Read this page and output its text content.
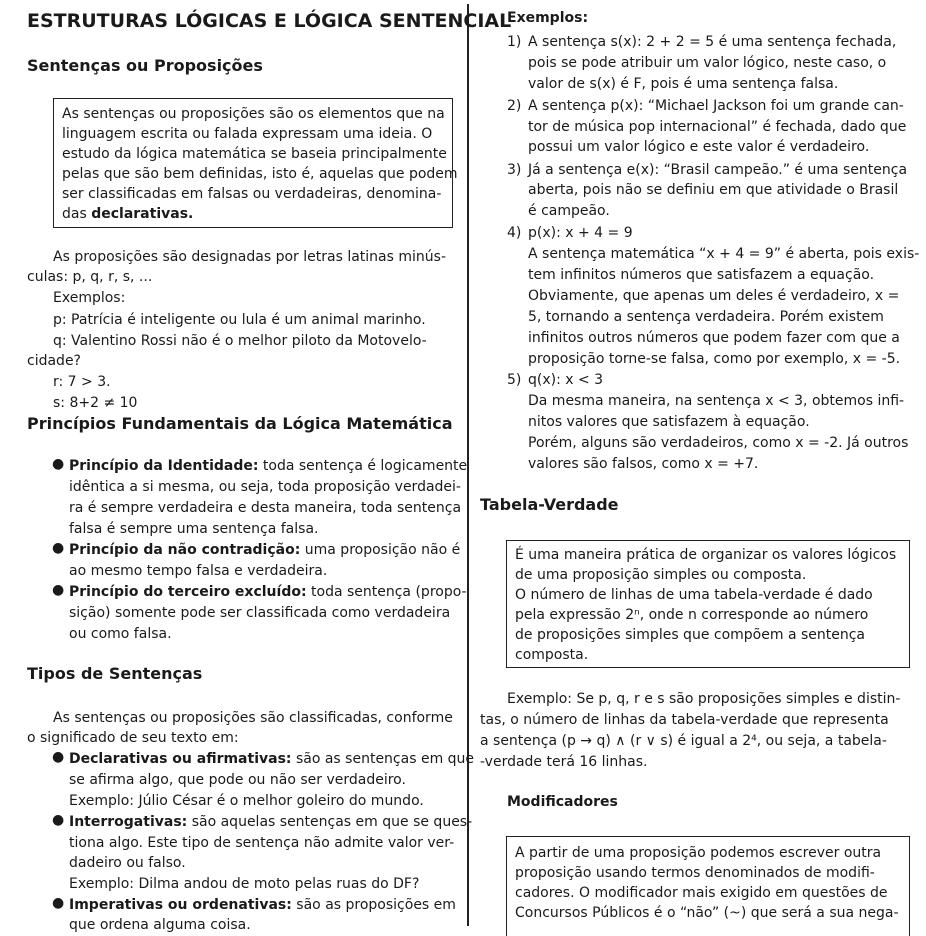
ESTRUTURAS LÓGICAS E LÓGICA SENTENCIAL
Sentenças ou Proposições
As sentenças ou proposições são os elementos que na
linguagem escrita ou falada expressam uma ideia. O
estudo da lógica matemática se baseia principalmente
pelas que são bem definidas, isto é, aquelas que podem
ser classificadas em falsas ou verdadeiras, denomina-
das declarativas.
As proposições são designadas por letras latinas minús-
culas: p, q, r, s, ...
Exemplos:
p: Patrícia é inteligente ou lula é um animal marinho.
q: Valentino Rossi não é o melhor piloto da Motovelo-
cidade?
r: 7 > 3.
s: 8+2 ≠ 10
Princípios Fundamentais da Lógica Matemática
● Princípio da Identidade: toda sentença é logicamente
idêntica a si mesma, ou seja, toda proposição verdadei-
ra é sempre verdadeira e desta maneira, toda sentença
falsa é sempre uma sentença falsa.
● Princípio da não contradição: uma proposição não é
ao mesmo tempo falsa e verdadeira.
● Princípio do terceiro excluído: toda sentença (propo-
sição) somente pode ser classificada como verdadeira
ou como falsa.
Tipos de Sentenças
As sentenças ou proposições são classificadas, conforme
o significado de seu texto em:
● Declarativas ou afirmativas: são as sentenças em que
se afirma algo, que pode ou não ser verdadeiro.
Exemplo: Júlio César é o melhor goleiro do mundo.
● Interrogativas: são aquelas sentenças em que se ques-
tiona algo. Este tipo de sentença não admite valor ver-
dadeiro ou falso.
Exemplo: Dilma andou de moto pelas ruas do DF?
● Imperativas ou ordenativas: são as proposições em
que ordena alguma coisa.
Exemplos:
1) A sentença s(x): 2 + 2 = 5 é uma sentença fechada,
pois se pode atribuir um valor lógico, neste caso, o
valor de s(x) é F, pois é uma sentença falsa.
2) A sentença p(x): “Michael Jackson foi um grande can-
tor de música pop internacional” é fechada, dado que
possui um valor lógico e este valor é verdadeiro.
3) Já a sentença e(x): “Brasil campeão.” é uma sentença
aberta, pois não se definiu em que atividade o Brasil
é campeão.
4) p(x): x + 4 = 9
A sentença matemática “x + 4 = 9” é aberta, pois exis-
tem infinitos números que satisfazem a equação.
Obviamente, que apenas um deles é verdadeiro, x =
5, tornando a sentença verdadeira. Porém existem
infinitos outros números que podem fazer com que a
proposição torne-se falsa, como por exemplo, x = -5.
5) q(x): x < 3
Da mesma maneira, na sentença x < 3, obtemos infi-
nitos valores que satisfazem à equação.
Porém, alguns são verdadeiros, como x = -2. Já outros
valores são falsos, como x = +7.
Tabela-Verdade
É uma maneira prática de organizar os valores lógicos
de uma proposição simples ou composta.
O número de linhas de uma tabela-verdade é dado
pela expressão 2ⁿ, onde n corresponde ao número
de proposições simples que compõem a sentença
composta.
Exemplo: Se p, q, r e s são proposições simples e distin-
tas, o número de linhas da tabela-verdade que representa
a sentença (p → q) ∧ (r ∨ s) é igual a 2⁴, ou seja, a tabela-
-verdade terá 16 linhas.
Modificadores
A partir de uma proposição podemos escrever outra
proposição usando termos denominados de modifi-
cadores. O modificador mais exigido em questões de
Concursos Públicos é o “não” (~) que será a sua nega-
